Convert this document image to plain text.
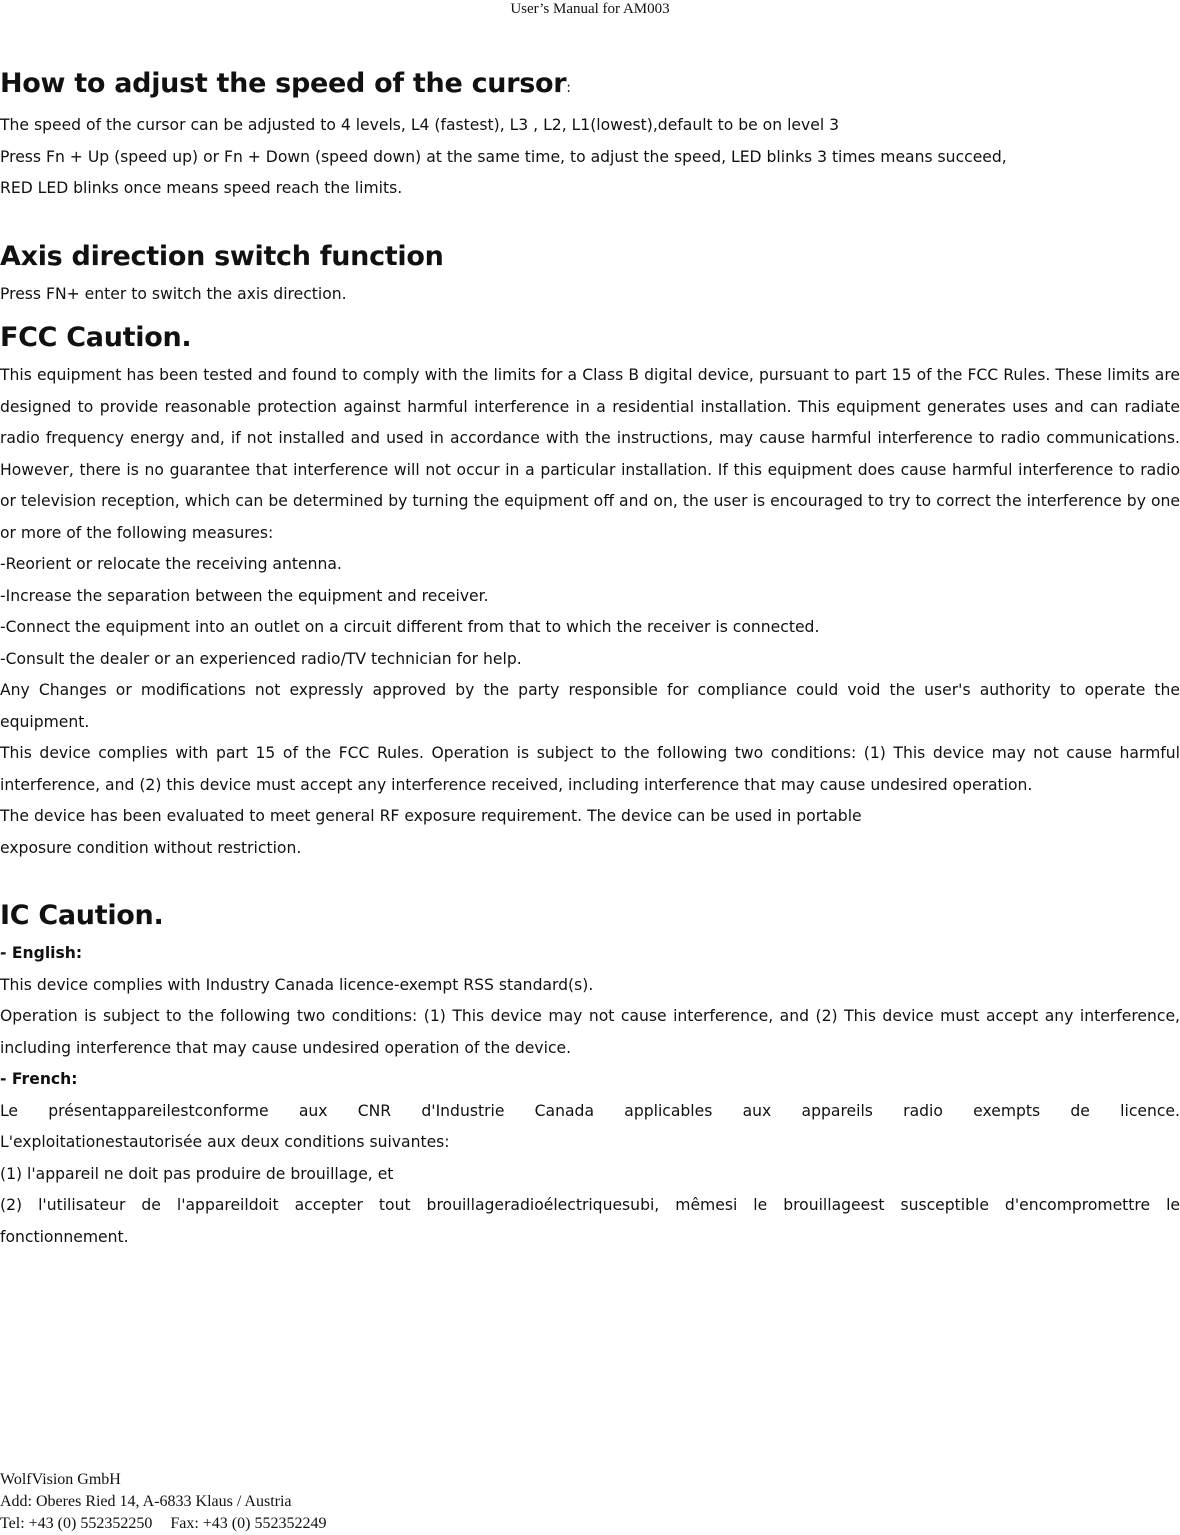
User’s Manual for AM003
How to adjust the speed of the cursor:

The speed of the cursor can be adjusted to 4 levels, L4 (fastest), L3 , L2, L1(lowest),default to be on level 3

Press Fn + Up (speed up) or Fn + Down (speed down) at the same time, to adjust the speed, LED blinks 3 times means succeed,

RED LED blinks once means speed reach the limits.

Axis direction switch function

Press FN+ enter to switch the axis direction.

FCC Caution.

This equipment has been tested and found to comply with the limits for a Class B digital device, pursuant to part 15 of the FCC Rules. These limits are designed to provide reasonable protection against harmful interference in a residential installation. This equipment generates uses and can radiate radio frequency energy and, if not installed and used in accordance with the instructions, may cause harmful interference to radio communications. However, there is no guarantee that interference will not occur in a particular installation. If this equipment does cause harmful interference to radio or television reception, which can be determined by turning the equipment off and on, the user is encouraged to try to correct the interference by one or more of the following measures:

-Reorient or relocate the receiving antenna.

-Increase the separation between the equipment and receiver.

-Connect the equipment into an outlet on a circuit different from that to which the receiver is connected.

-Consult the dealer or an experienced radio/TV technician for help.

Any Changes or modifications not expressly approved by the party responsible for compliance could void the user's authority to operate the equipment.

This device complies with part 15 of the FCC Rules. Operation is subject to the following two conditions: (1) This device may not cause harmful interference, and (2) this device must accept any interference received, including interference that may cause undesired operation.

The device has been evaluated to meet general RF exposure requirement. The device can be used in portable

exposure condition without restriction.

IC Caution.

- English:

This device complies with Industry Canada licence-exempt RSS standard(s).

Operation is subject to the following two conditions: (1) This device may not cause interference, and (2) This device must accept any interference, including interference that may cause undesired operation of the device.

- French:

Le présentappareilestconforme aux CNR d'Industrie Canada applicables aux appareils radio exempts de licence.

L'exploitationestautorisée aux deux conditions suivantes:

(1) l'appareil ne doit pas produire de brouillage, et

(2) l'utilisateur de l'appareildoit accepter tout brouillageradioélectriquesubi, mêmesi le brouillageest susceptible d'encompromettre le fonctionnement.

WolfVision GmbH
Add: Oberes Ried 14, A-6833 Klaus / Austria
Tel: +43 (0) 552352250 Fax: +43 (0) 552352249
